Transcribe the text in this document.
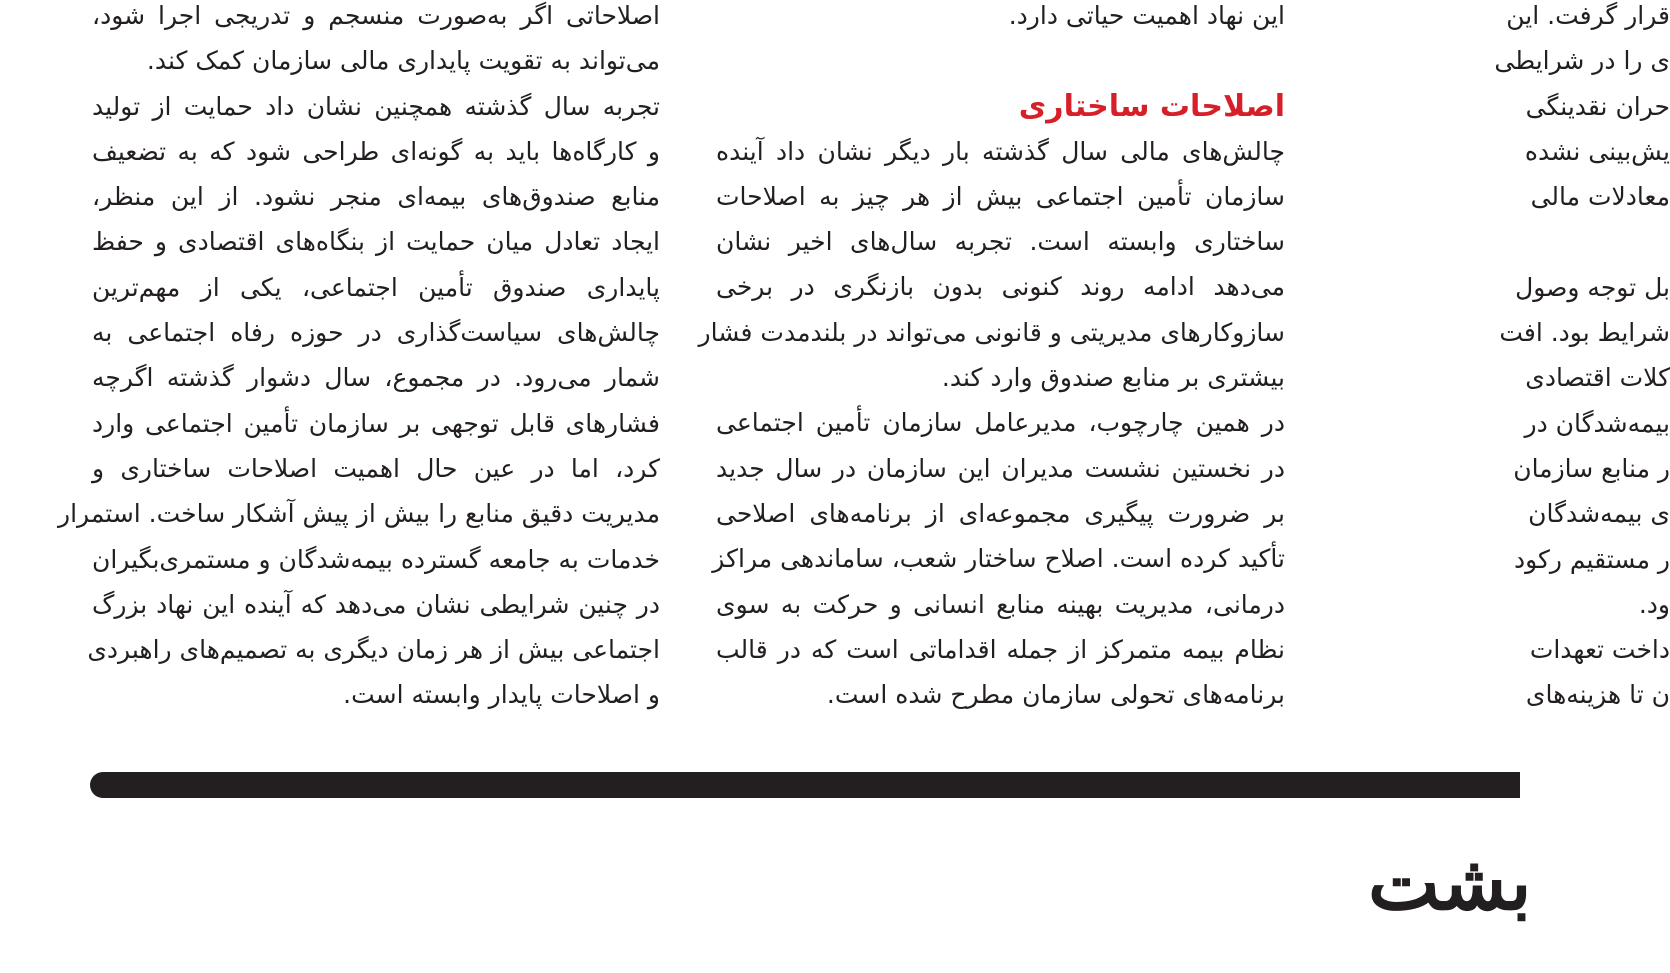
اصلاحاتی اگر به‌صورت منسجم و تدریجی اجرا شود،
می‌تواند به تقویت پایداری مالی سازمان کمک کند.
تجربه سال گذشته همچنین نشان داد حمایت از تولید
و کارگاه‌ها باید به گونه‌ای طراحی شود که به تضعیف
منابع صندوق‌های بیمه‌ای منجر نشود. از این منظر،
ایجاد تعادل میان حمایت از بنگاه‌های اقتصادی و حفظ
پایداری صندوق تأمین اجتماعی، یکی از مهم‌ترین
چالش‌های سیاست‌گذاری در حوزه رفاه اجتماعی به
شمار می‌رود. در مجموع، سال دشوار گذشته اگرچه
فشارهای قابل توجهی بر سازمان تأمین اجتماعی وارد
کرد، اما در عین حال اهمیت اصلاحات ساختاری و
مدیریت دقیق منابع را بیش از پیش آشکار ساخت. استمرار
خدمات به جامعه گسترده بیمه‌شدگان و مستمری‌بگیران
در چنین شرایطی نشان می‌دهد که آینده این نهاد بزرگ
اجتماعی بیش از هر زمان دیگری به تصمیم‌های راهبردی
و اصلاحات پایدار وابسته است.
این نهاد اهمیت حیاتی دارد.
اصلاحات ساختاری
چالش‌های مالی سال گذشته بار دیگر نشان داد آینده
سازمان تأمین اجتماعی بیش از هر چیز به اصلاحات
ساختاری وابسته است. تجربه سال‌های اخیر نشان
می‌دهد ادامه روند کنونی بدون بازنگری در برخی
سازوکارهای مدیریتی و قانونی می‌تواند در بلندمدت فشار
بیشتری بر منابع صندوق وارد کند.
در همین چارچوب، مدیرعامل سازمان تأمین اجتماعی
در نخستین نشست مدیران این سازمان در سال جدید
بر ضرورت پیگیری مجموعه‌ای از برنامه‌های اصلاحی
تأکید کرده است. اصلاح ساختار شعب، ساماندهی مراکز
درمانی، مدیریت بهینه منابع انسانی و حرکت به سوی
نظام بیمه متمرکز از جمله اقداماتی است که در قالب
برنامه‌های تحولی سازمان مطرح شده است.
قرار گرفت. این
ی را در شرایطی
حران نقدینگی
یش‌بینی نشده
معادلات مالی
بل توجه وصول
شرایط بود. افت
کلات اقتصادی
بیمه‌شدگان در
ر منابع سازمان
ی بیمه‌شدگان
ر مستقیم رکود
ود.
داخت تعهدات
ن تا هزینه‌های
بشت
